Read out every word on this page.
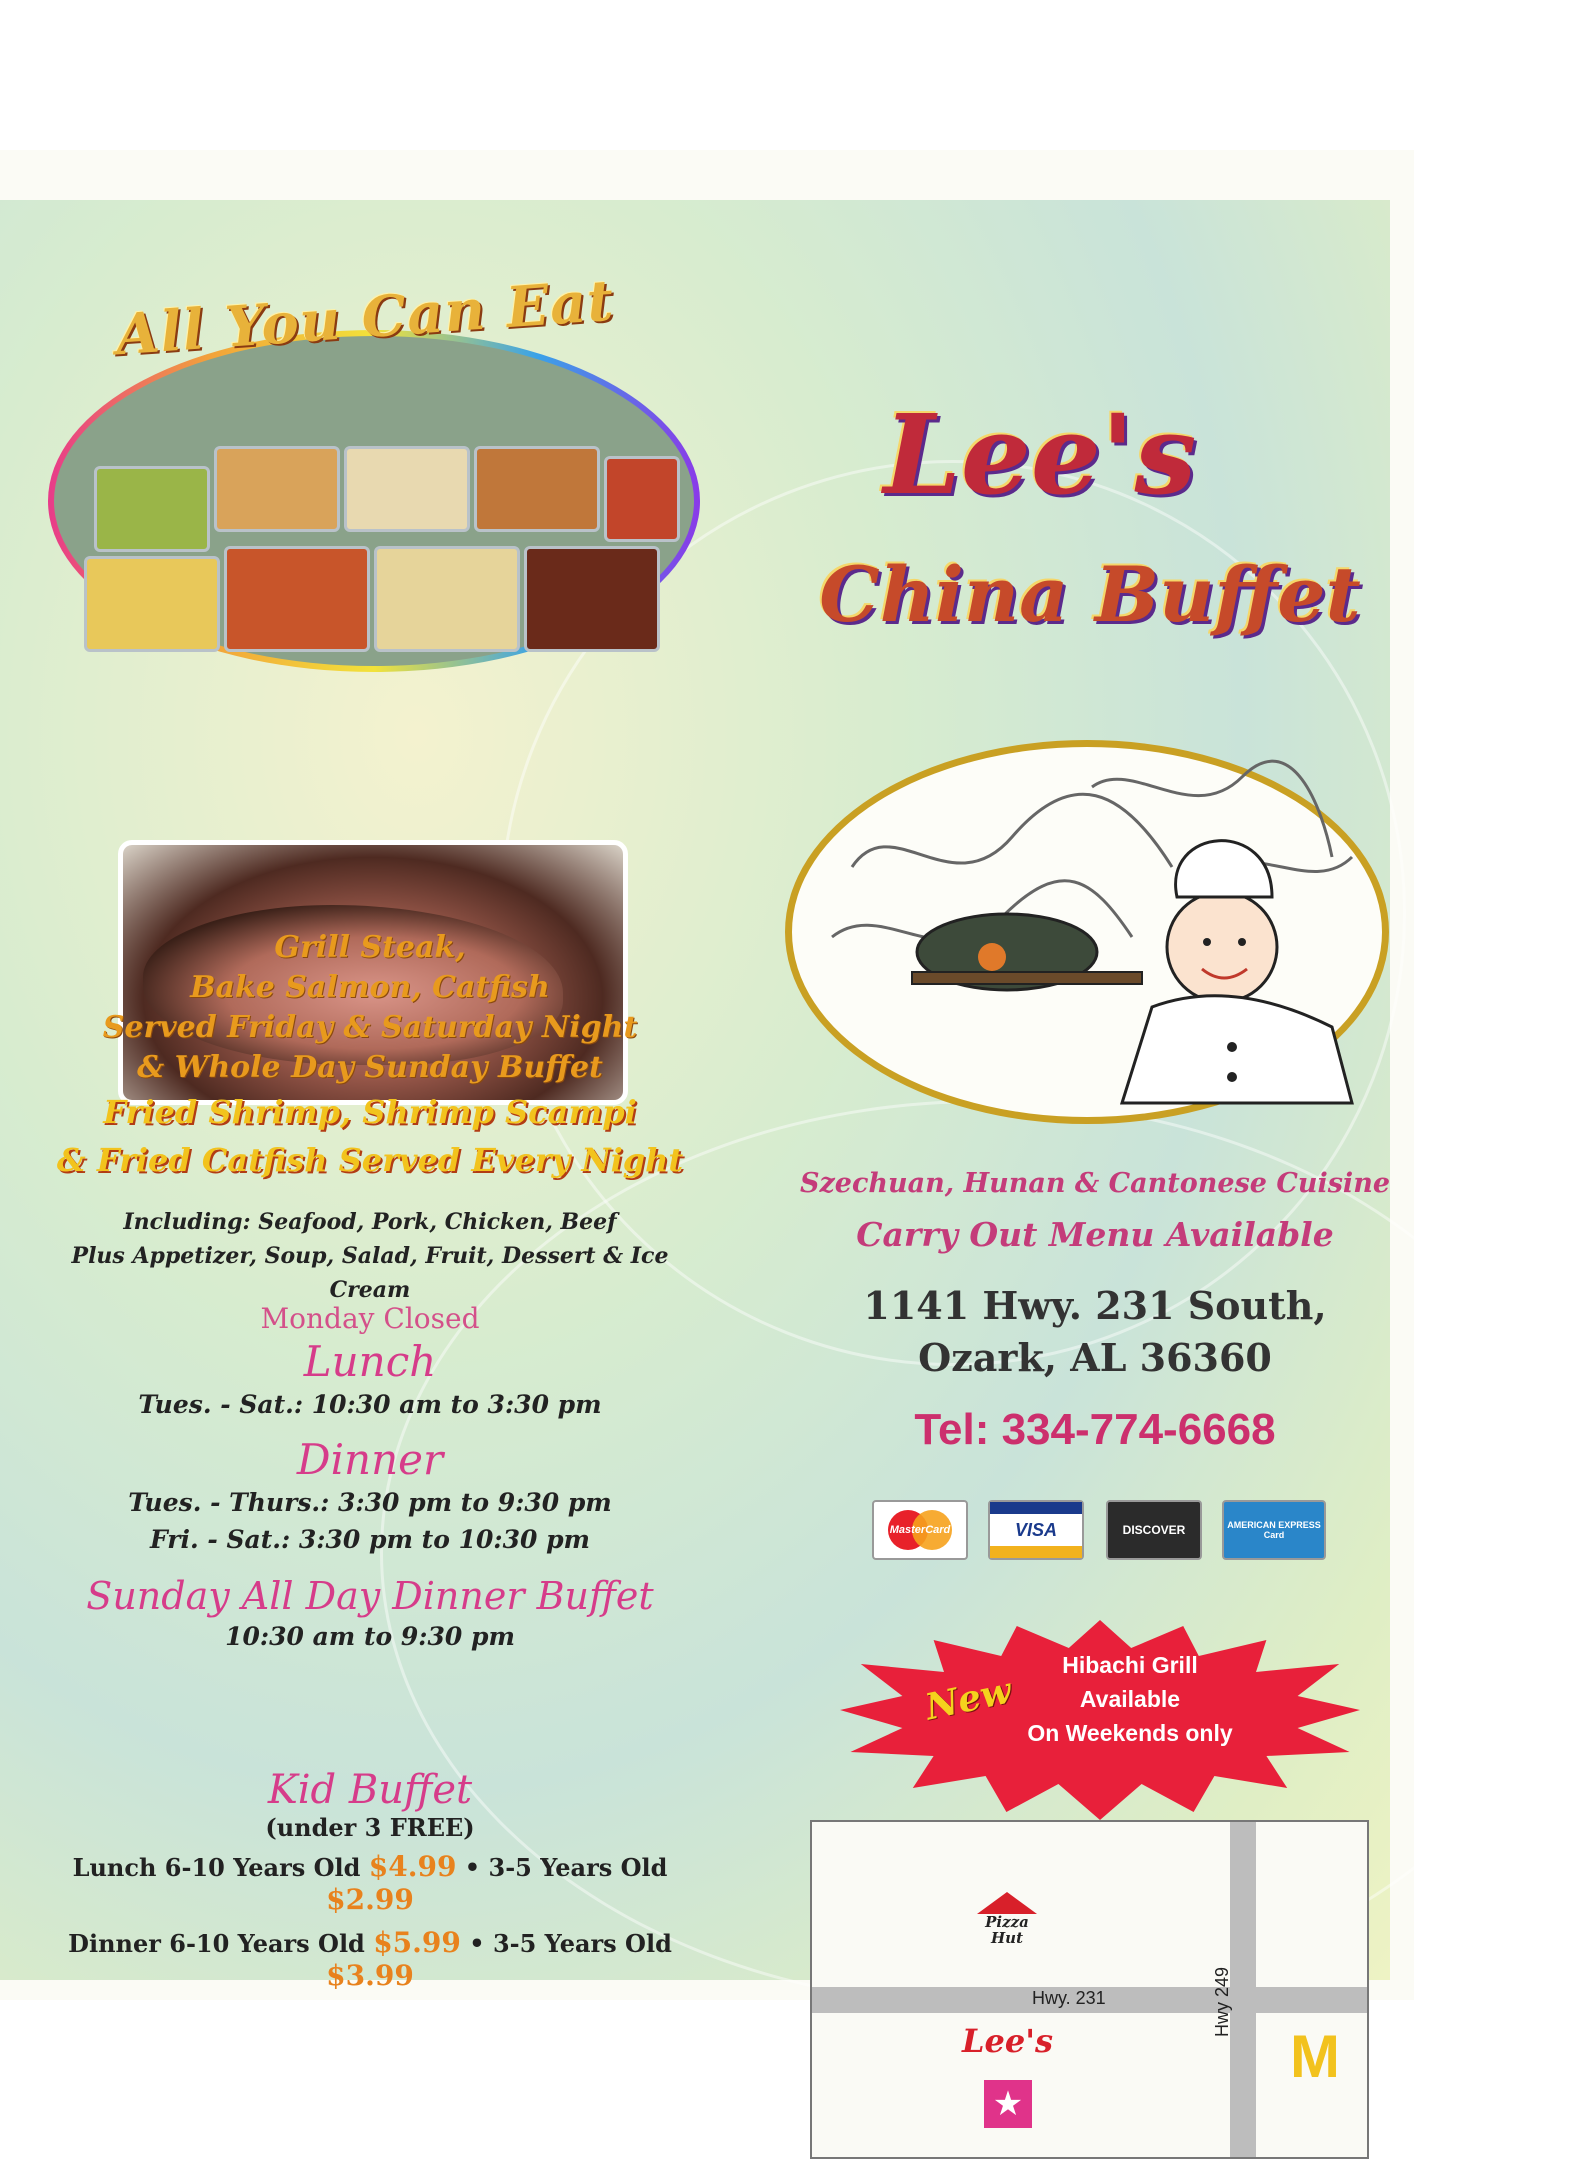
All You Can Eat
Lee's
China Buffet
Grill Steak,
Bake Salmon, Catfish
Served Friday & Saturday Night
& Whole Day Sunday Buffet
Fried Shrimp, Shrimp Scampi
& Fried Catfish Served Every Night
Including: Seafood, Pork, Chicken, Beef
Plus Appetizer, Soup, Salad, Fruit, Dessert & Ice Cream
Monday Closed
Lunch
Tues. - Sat.: 10:30 am to 3:30 pm
Dinner
Tues. - Thurs.: 3:30 pm to 9:30 pm
Fri. - Sat.: 3:30 pm to 10:30 pm
Sunday All Day Dinner Buffet
10:30 am to 9:30 pm
Kid Buffet
(under 3 FREE)
Lunch 6-10 Years Old $4.99 • 3-5 Years Old $2.99
Dinner 6-10 Years Old $5.99 • 3-5 Years Old $3.99
Szechuan, Hunan & Cantonese Cuisine
Carry Out Menu Available
1141 Hwy. 231 South,
Ozark, AL 36360
Tel: 334-774-6668
MasterCard	VISA	DISCOVER	AMERICAN EXPRESS Card
New
Hibachi Grill
Available
On Weekends only
Hwy. 231	Hwy 249
Pizza Hut
Lee's
★
M
